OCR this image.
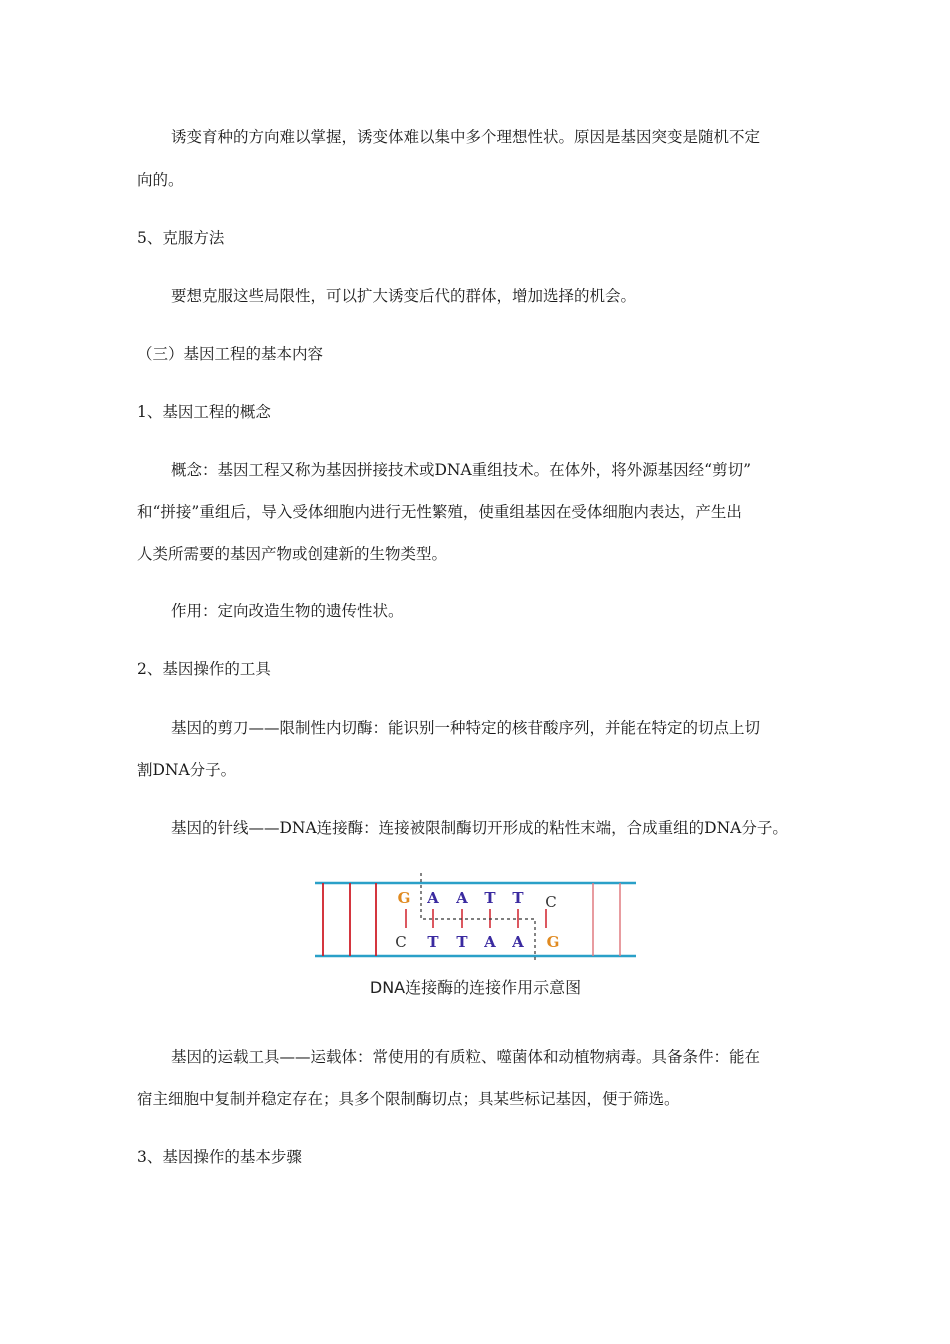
诱变育种的方向难以掌握，诱变体难以集中多个理想性状。原因是基因突变是随机不定

向的。

5、克服方法

要想克服这些局限性，可以扩大诱变后代的群体，增加选择的机会。

（三）基因工程的基本内容

1、基因工程的概念

概念：基因工程又称为基因拼接技术或DNA重组技术。在体外，将外源基因经“剪切”

和“拼接”重组后，导入受体细胞内进行无性繁殖，使重组基因在受体细胞内表达，产生出

人类所需要的基因产物或创建新的生物类型。

作用：定向改造生物的遗传性状。

2、基因操作的工具

基因的剪刀——限制性内切酶：能识别一种特定的核苷酸序列，并能在特定的切点上切

割DNA分子。

基因的针线——DNA连接酶：连接被限制酶切开形成的粘性末端，合成重组的DNA分子。

G A A T T C
C T T A A G
DNA连接酶的连接作用示意图

基因的运载工具——运载体：常使用的有质粒、噬菌体和动植物病毒。具备条件：能在

宿主细胞中复制并稳定存在；具多个限制酶切点；具某些标记基因，便于筛选。

3、基因操作的基本步骤
